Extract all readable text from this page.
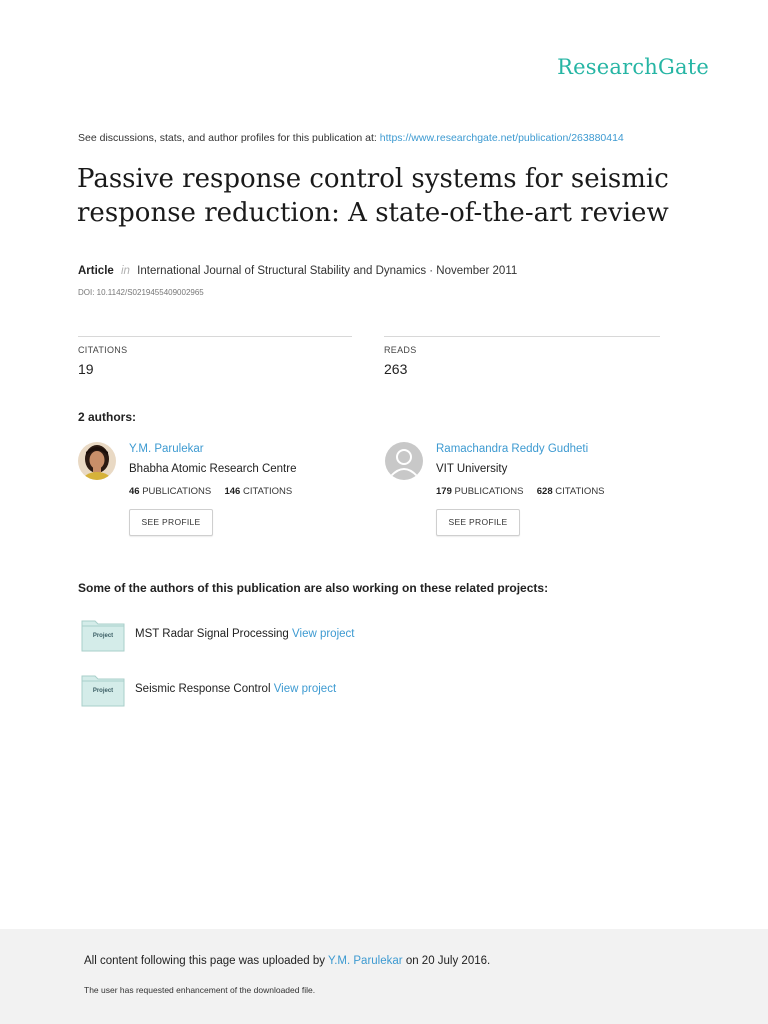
ResearchGate
See discussions, stats, and author profiles for this publication at: https://www.researchgate.net/publication/263880414
Passive response control systems for seismic
response reduction: A state-of-the-art review
Article in International Journal of Structural Stability and Dynamics · November 2011
DOI: 10.1142/S0219455409002965
CITATIONS
19
READS
263
2 authors:
Y.M. Parulekar
Bhabha Atomic Research Centre
46 PUBLICATIONS 146 CITATIONS
SEE PROFILE
Ramachandra Reddy Gudheti
VIT University
179 PUBLICATIONS 628 CITATIONS
SEE PROFILE
Some of the authors of this publication are also working on these related projects:
Project	MST Radar Signal Processing View project
Project	Seismic Response Control View project
All content following this page was uploaded by Y.M. Parulekar on 20 July 2016.
The user has requested enhancement of the downloaded file.
